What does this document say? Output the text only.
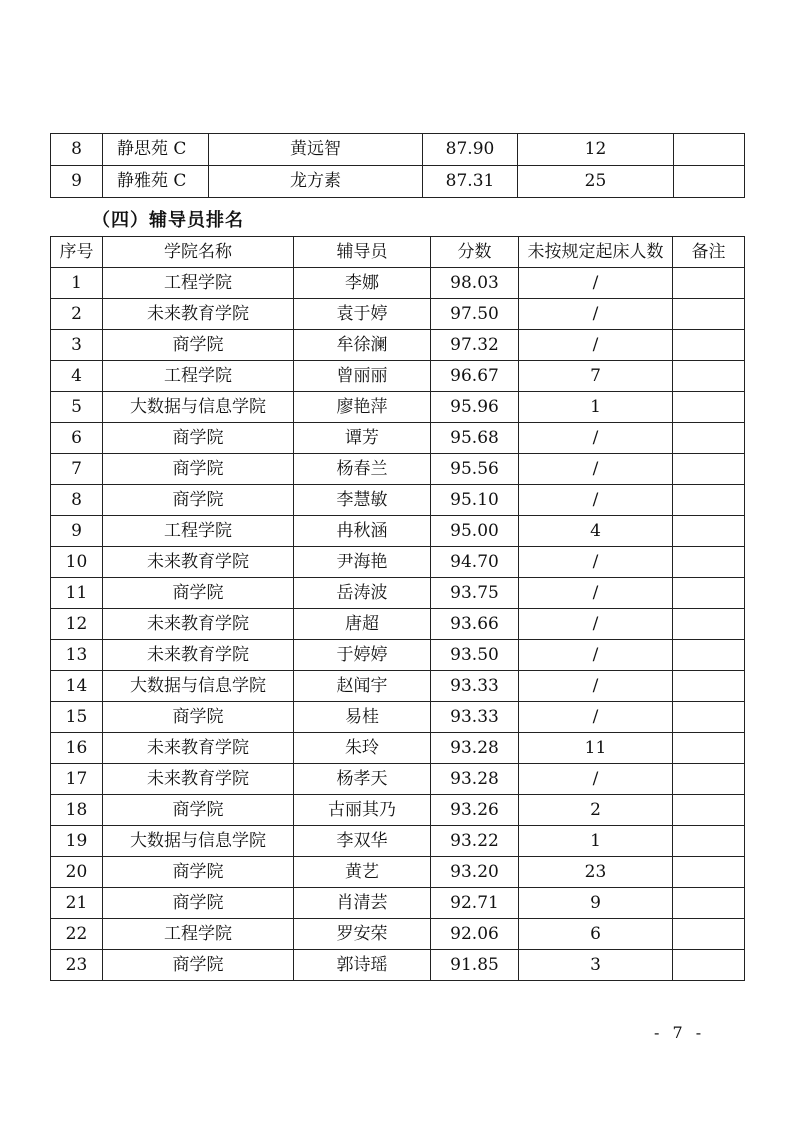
8	静思苑 C	黄远智	87.90	12	
9	静雅苑 C	龙方素	87.31	25	
（四）辅导员排名
序号	学院名称	辅导员	分数	未按规定起床人数	备注
1	工程学院	李娜	98.03	/	
2	未来教育学院	袁于婷	97.50	/	
3	商学院	牟徐澜	97.32	/	
4	工程学院	曾丽丽	96.67	7	
5	大数据与信息学院	廖艳萍	95.96	1	
6	商学院	谭芳	95.68	/	
7	商学院	杨春兰	95.56	/	
8	商学院	李慧敏	95.10	/	
9	工程学院	冉秋涵	95.00	4	
10	未来教育学院	尹海艳	94.70	/	
11	商学院	岳涛波	93.75	/	
12	未来教育学院	唐超	93.66	/	
13	未来教育学院	于婷婷	93.50	/	
14	大数据与信息学院	赵闻宇	93.33	/	
15	商学院	易桂	93.33	/	
16	未来教育学院	朱玲	93.28	11	
17	未来教育学院	杨孝天	93.28	/	
18	商学院	古丽其乃	93.26	2	
19	大数据与信息学院	李双华	93.22	1	
20	商学院	黄艺	93.20	23	
21	商学院	肖清芸	92.71	9	
22	工程学院	罗安荣	92.06	6	
23	商学院	郭诗瑶	91.85	3	
- 7 -
